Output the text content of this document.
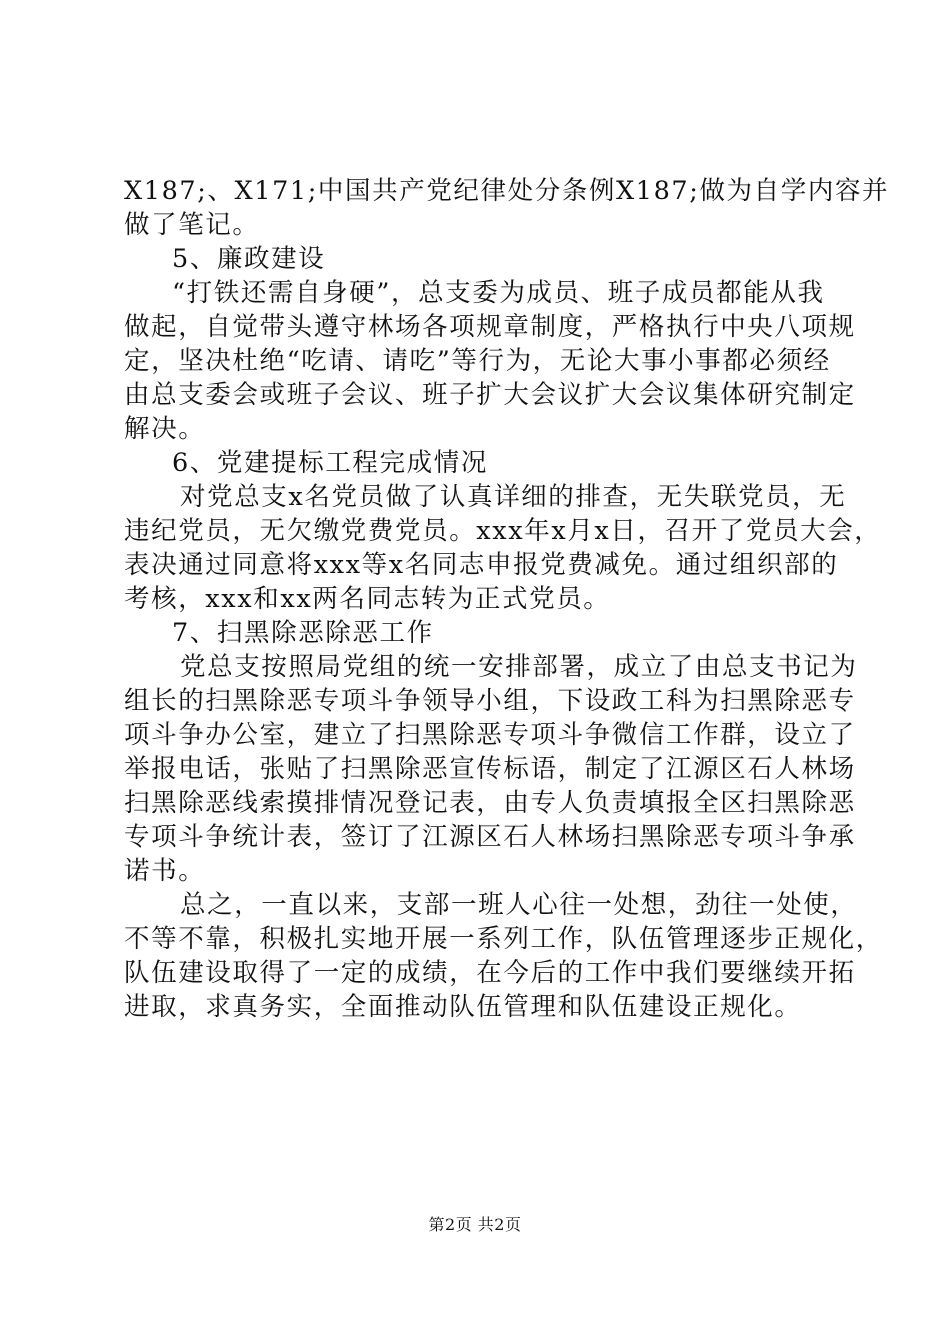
X187;、X171;中国共产党纪律处分条例X187;做为自学内容并
做了笔记。
5、廉政建设
“打铁还需自身硬”，总支委为成员、班子成员都能从我
做起，自觉带头遵守林场各项规章制度，严格执行中央八项规
定，坚决杜绝“吃请、请吃”等行为，无论大事小事都必须经
由总支委会或班子会议、班子扩大会议扩大会议集体研究制定
解决。
6、党建提标工程完成情况
对党总支x名党员做了认真详细的排查，无失联党员，无
违纪党员，无欠缴党费党员。xxx年x月x日，召开了党员大会，
表决通过同意将xxx等x名同志申报党费减免。通过组织部的
考核，xxx和xx两名同志转为正式党员。
7、扫黑除恶除恶工作
党总支按照局党组的统一安排部署，成立了由总支书记为
组长的扫黑除恶专项斗争领导小组，下设政工科为扫黑除恶专
项斗争办公室，建立了扫黑除恶专项斗争微信工作群，设立了
举报电话，张贴了扫黑除恶宣传标语，制定了江源区石人林场
扫黑除恶线索摸排情况登记表，由专人负责填报全区扫黑除恶
专项斗争统计表，签订了江源区石人林场扫黑除恶专项斗争承
诺书。
总之，一直以来，支部一班人心往一处想，劲往一处使，
不等不靠，积极扎实地开展一系列工作，队伍管理逐步正规化，
队伍建设取得了一定的成绩，在今后的工作中我们要继续开拓
进取，求真务实，全面推动队伍管理和队伍建设正规化。
第2页 共2页
